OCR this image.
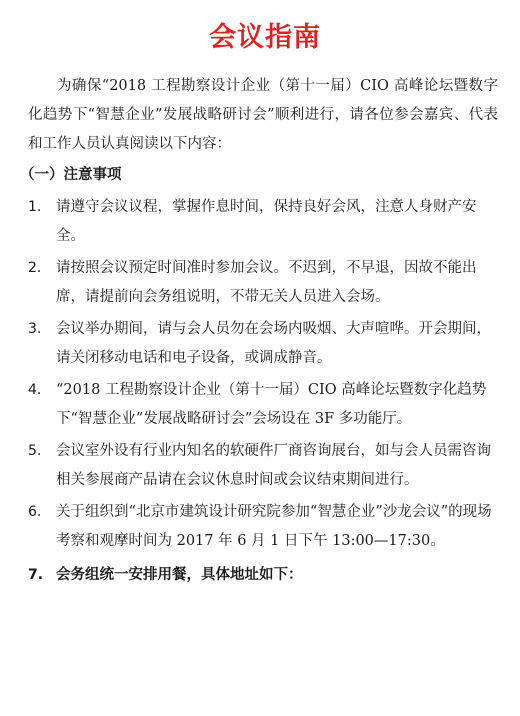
会议指南

为确保“2018 工程勘察设计企业（第十一届）CIO 高峰论坛暨数字化趋势下“智慧企业”发展战略研讨会”顺利进行，请各位参会嘉宾、代表和工作人员认真阅读以下内容：

（一）注意事项
1. 请遵守会议议程，掌握作息时间，保持良好会风，注意人身财产安全。
2. 请按照会议预定时间准时参加会议。不迟到，不早退，因故不能出席，请提前向会务组说明，不带无关人员进入会场。
3. 会议举办期间，请与会人员勿在会场内吸烟、大声喧哗。开会期间，请关闭移动电话和电子设备，或调成静音。
4. “2018 工程勘察设计企业（第十一届）CIO 高峰论坛暨数字化趋势下“智慧企业”发展战略研讨会”会场设在 3F 多功能厅。
5. 会议室外设有行业内知名的软硬件厂商咨询展台，如与会人员需咨询相关参展商产品请在会议休息时间或会议结束期间进行。
6. 关于组织到“北京市建筑设计研究院参加“智慧企业”沙龙会议”的现场考察和观摩时间为 2017 年 6 月 1 日下午 13:00—17:30。
7. 会务组统一安排用餐，具体地址如下：
